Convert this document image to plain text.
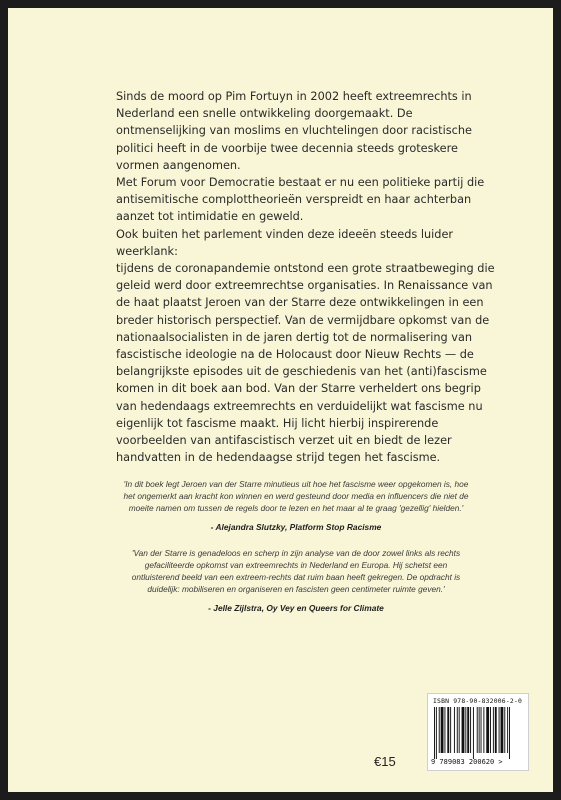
Sinds de moord op Pim Fortuyn in 2002 heeft extreemrechts in Nederland een snelle ontwikkeling doorgemaakt. De ontmenselijking van moslims en vluchtelingen door racistische politici heeft in de voorbije twee decennia steeds groteskere vormen aangenomen.

Met Forum voor Democratie bestaat er nu een politieke partij die antisemitische complottheorieën verspreidt en haar achterban aanzet tot intimidatie en geweld.

Ook buiten het parlement vinden deze ideeën steeds luider weerklank:

tijdens de coronapandemie ontstond een grote straatbeweging die geleid werd door extreemrechtse organisaties. In Renaissance van de haat plaatst Jeroen van der Starre deze ontwikkelingen in een breder historisch perspectief. Van de vermijdbare opkomst van de nationaalsocialisten in de jaren dertig tot de normalisering van fascistische ideologie na de Holocaust door Nieuw Rechts — de belangrijkste episodes uit de geschiedenis van het (anti)fascisme komen in dit boek aan bod. Van der Starre verheldert ons begrip van hedendaags extreemrechts en verduidelijkt wat fascisme nu eigenlijk tot fascisme maakt. Hij licht hierbij inspirerende voorbeelden van antifascistisch verzet uit en biedt de lezer handvatten in de hedendaagse strijd tegen het fascisme.

'In dit boek legt Jeroen van der Starre minutieus uit hoe het fascisme weer opgekomen is, hoe het ongemerkt aan kracht kon winnen en werd gesteund door media en influencers die niet de moeite namen om tussen de regels door te lezen en het maar al te graag 'gezellig' hielden.'

- Alejandra Slutzky, Platform Stop Racisme

'Van der Starre is genadeloos en scherp in zijn analyse van de door zowel links als rechts gefaciliteerde opkomst van extreemrechts in Nederland en Europa. Hij schetst een ontluisterend beeld van een extreem-rechts dat ruim baan heeft gekregen. De opdracht is duidelijk: mobiliseren en organiseren en fascisten geen centimeter ruimte geven.'

- Jelle Zijlstra, Oy Vey en Queers for Climate

ISBN 978-90-832006-2-0
9 789083 200620 >
€15
